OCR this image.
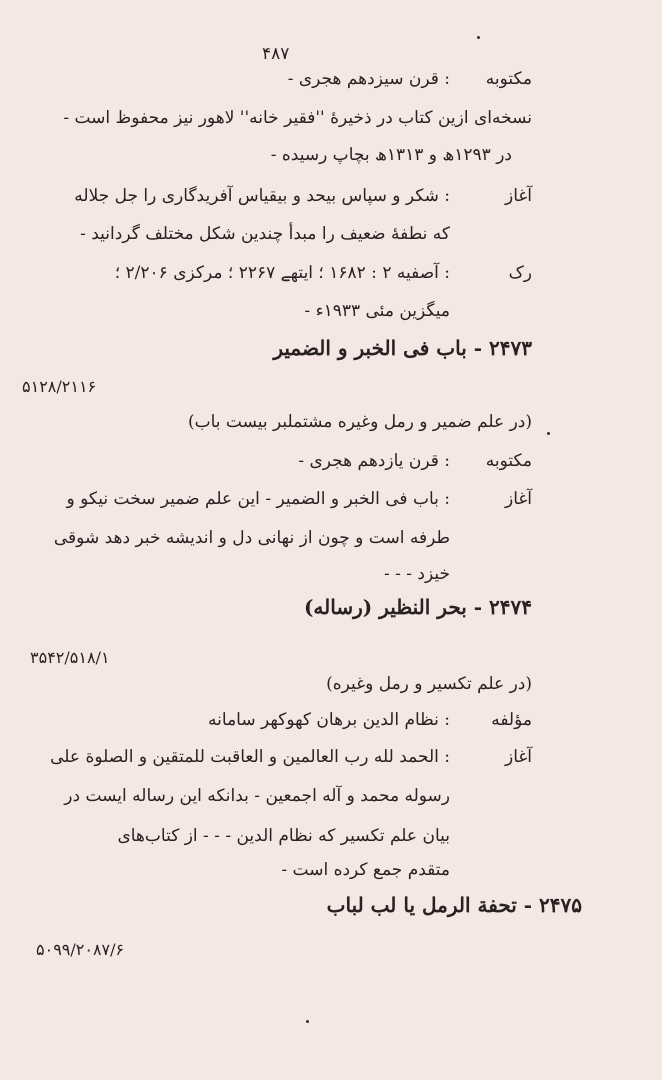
۴۸۷
مکتوبه
: قرن سیزدهم هجری -
نسخه‌ای ازین کتاب در ذخیرۀ ''فقیر خانه'' لاهور نیز محفوظ است -
در ۱۲۹۳ھ و ۱۳۱۳ھ بچاپ رسیده -
آغاز
: شکر و سپاس بیحد و بیقیاس آفریدگاری را جل جلاله
که نطفۀ ضعیف را مبدأ چندین شکل مختلف گردانید -
رک
: آصفیه ۲ : ۱۶۸۲ ؛ ایتھے ۲۲۶۷ ؛ مرکزی ۲/۲۰۶ ؛
میگزین مئی ۱۹۳۳ء -
۲۴۷۳ - باب فی الخبر و الضمیر
۵۱۲۸/۲۱۱۶
(در علم ضمیر و رمل وغیره مشتملبر بیست باب)
مکتوبه
: قرن یازدهم هجری -
آغاز
: باب فی الخبر و الضمیر - این علم ضمیر سخت نیکو و
طرفه است و چون از نهانی دل و اندیشه خبر دهد شوقی
خیزد - - -
۲۴۷۴ - بحر النظیر (رساله)
۳۵۴۲/۵۱۸/۱
(در علم تکسیر و رمل وغیره)
مؤلفه
: نظام الدین برهان کھوکھر سامانه
آغاز
: الحمد لله رب العالمین و العاقبت للمتقین و الصلوة علی
رسوله محمد و آله اجمعین - بدانکه این رساله ایست در
بیان علم تکسیر که نظام الدین - - - از کتاب‌های
متقدم جمع کرده است -
۲۴۷۵ - تحفة الرمل یا لب لباب
۵۰۹۹/۲۰۸۷/۶
